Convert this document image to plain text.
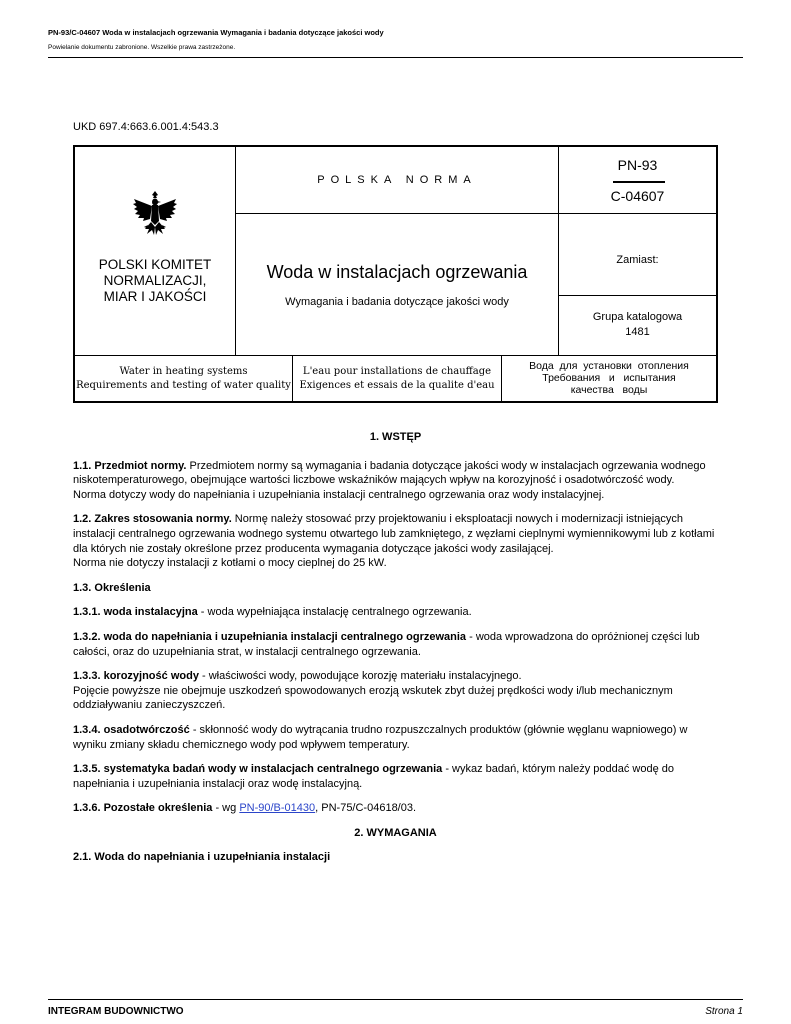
PN-93/C-04607 Woda w instalacjach ogrzewania Wymagania i badania dotyczące jakości wody
Powielanie dokumentu zabronione. Wszelkie prawa zastrzeżone.
UKD 697.4:663.6.001.4:543.3
POLSKI KOMITET
NORMALIZACJI,
MIAR I JAKOŚCI
POLSKA NORMA
PN-93
C-04607
Woda w instalacjach ogrzewania
Wymagania i badania dotyczące jakości wody
Zamiast:
Grupa katalogowa
1481
Water in heating systems
Requirements and testing of water quality
L'eau pour installations de chauffage
Exigences et essais de la qualite d'eau
Вода  для  установки  отопления
Требования   и   испытания
качества   воды

1. WSTĘP

1.1. Przedmiot normy. Przedmiotem normy są wymagania i badania dotyczące jakości wody w instalacjach ogrzewania wodnego niskotemperaturowego, obejmujące wartości liczbowe wskaźników mających wpływ na korozyjność i osadotwórczość wody.

Norma dotyczy wody do napełniania i uzupełniania instalacji centralnego ogrzewania oraz wody instalacyjnej.

1.2. Zakres stosowania normy. Normę należy stosować przy projektowaniu i eksploatacji nowych i modernizacji istniejących instalacji centralnego ogrzewania wodnego systemu otwartego lub zamkniętego, z węzłami cieplnymi wymiennikowymi lub z kotłami dla których nie zostały określone przez producenta wymagania dotyczące jakości wody zasilającej.

Norma nie dotyczy instalacji z kotłami o mocy cieplnej do 25 kW.

1.3. Określenia

1.3.1. woda instalacyjna - woda wypełniająca instalację centralnego ogrzewania.

1.3.2. woda do napełniania i uzupełniania instalacji centralnego ogrzewania - woda wprowadzona do opróżnionej części lub całości, oraz do uzupełniania strat, w instalacji centralnego ogrzewania.

1.3.3. korozyjność wody - właściwości wody, powodujące korozję materiału instalacyjnego.

Pojęcie powyższe nie obejmuje uszkodzeń spowodowanych erozją wskutek zbyt dużej prędkości wody i/lub mechanicznym oddziaływaniu zanieczyszczeń.

1.3.4. osadotwórczość - skłonność wody do wytrącania trudno rozpuszczalnych produktów (głównie węglanu wapniowego) w wyniku zmiany składu chemicznego wody pod wpływem temperatury.

1.3.5. systematyka badań wody w instalacjach centralnego ogrzewania - wykaz badań, którym należy poddać wodę do napełniania i uzupełniania instalacji oraz wodę instalacyjną.

1.3.6. Pozostałe określenia - wg PN-90/B-01430, PN-75/C-04618/03.

2. WYMAGANIA

2.1. Woda do napełniania i uzupełniania instalacji

INTEGRAM BUDOWNICTWO	Strona 1
